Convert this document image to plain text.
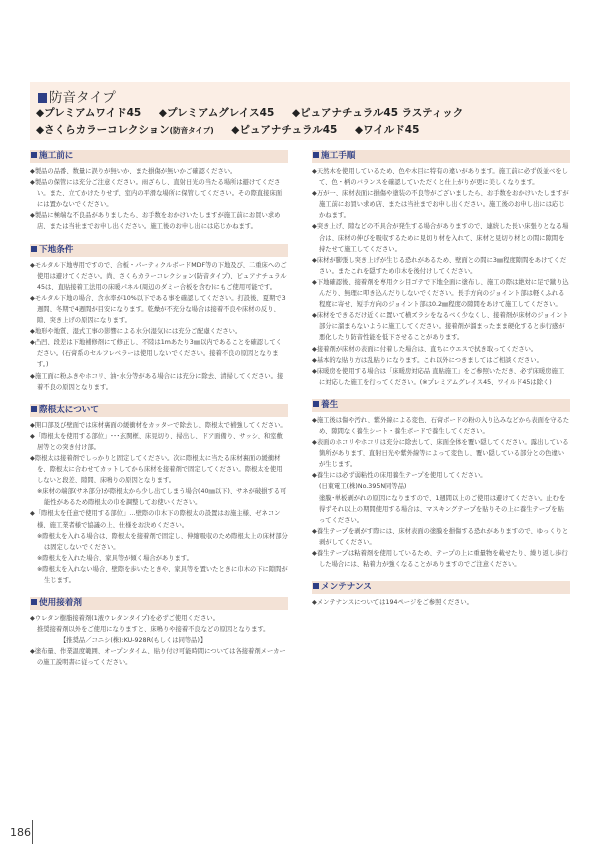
防音タイプ
◆プレミアムワイド45 ◆プレミアムグレイス45 ◆ピュアナチュラル45 ラスティック
◆さくらカラーコレクション(防音タイプ) ◆ピュアナチュラル45 ◆ワイルド45
施工前に

◆製品の品番、数量に誤りが無いか、また損傷が無いかご確認ください。

◆製品の保管には充分ご注意ください。雨ざらし、直射日光の当たる場所は避けてください。また、立てかけたりせず、室内の平滑な場所に保管してください。その際直接床面には置かないでください。

◆製品に極端な不良品がありましたら、お手数をおかけいたしますが施工前にお買い求め店、または当社までお申し出ください。施工後のお申し出には応じかねます。

下地条件

◆モルタル下地専用ですので、合板・パーティクルボードMDF等の下地及び、二重床へのご使用は避けてください。尚、さくらカラーコレクション(防音タイプ)、ピュアナチュラル45は、直貼接着工法用の床暖パネル(周辺のダミー合板を含む)にもご使用可能です。

◆モルタル下地の場合、含水率が10%以下である事を確認してください。打設後、夏期で3週間、冬期で4週間が目安になります。乾燥が不充分な場合は接着不良や床材の反り、隙、突き上げの原因になります。

◆地形や地質、湿式工事の影響による水分(湿気)には充分ご配慮ください。

◆凸凹、段差は下地補修剤にて修正し、不陸は1mあたり3㎜以内であることを確認してください。(石膏系のセルフレベラーは使用しないでください。接着不良の原因となります。)

◆施工面に粉ふきやホコリ、油･水分等がある場合には充分に除去、清掃してください。接着不良の原因となります。

際根太について

◆開口部及び壁面では床材裏面の緩衝材をカッターで除去し、際根太で補強してください。

◆「際根太を使用する部位」･･･玄関框、床見切り、掃出し、ドア面備り、サッシ、和室敷居等との突き付け部。

◆際根太は接着剤でしっかりと固定してください。次に際根太に当たる床材裏面の緩衝材を、際根太に合わせてカットしてから床材を接着剤で固定してください。際根太を使用しないと段差、隙間、床鳴りの原因となります。

※床材の端部(サネ部分)が際根太から少し出てしまう場合(40㎜以下)、サネが破損する可能性があるため際根太の巾を調整してお使いください。

◆「際根太を任意で使用する部位」…壁際の巾木下の際根太の設置はお施主様、ゼネコン様、施工業者様で協議の上、仕様をお決めください。

※際根太を入れる場合は、際根太を接着剤で固定し、伸縮吸収のため際根太上の床材部分は固定しないでください。

※際根太を入れた場合、家具等が傾く場合があります。

※際根太を入れない場合、壁際を歩いたときや、家具等を置いたときに巾木の下に隙間が生じます。

使用接着剤

◆ウレタン樹脂接着剤(1液ウレタンタイプ)を必ずご使用ください。

推奨接着剤以外をご使用になりますと、床鳴りや接着不良などの原因となります。

【推奨品／コニシ(株):KU-928R(もしくは同等品)】

◆塗布量、作業温度範囲、オープンタイム、貼り付け可能時間については各接着剤メーカーの施工説明書に従ってください。

施工手順

◆天然木を使用しているため、色や木目に特有の違いがあります。施工前に必ず仮並べをして、色・柄のバランスを確認していただくと仕上がりが更に美しくなります。

◆万が一、床材表面に損傷や塗装の不良等がございましたら、お手数をおかけいたしますが施工前にお買い求め店、または当社までお申し出ください。施工後のお申し出には応じかねます。

◆突き上げ、隙などの不具合が発生する場合がありますので、連続した長い床張りとなる場合は、床材の伸びを吸収するために見切り材を入れて、床材と見切り材との間に隙間を持たせて施工してください。

◆床材が膨張し突き上げが生じる恐れがあるため、壁面との間に3㎜程度隙間をあけてください。またこれを隠すため巾木を後付けしてください。

◆下地確認後、接着剤を専用クシ目ゴテで下地全面に塗布し、施工の際は絶対に足で蹴り込んだり、無理に叩き込んだりしないでください。長手方向のジョイント部は軽くふれる程度に寄せ、短手方向のジョイント部は0.2㎜程度の隙間をあけて施工してください。

◆床材をできるだけ近くに置いて横ズラシをなるべく少なくし、接着剤が床材のジョイント部分に溜まらないように施工してください。接着剤が溜まったまま硬化すると歩行感が悪化したり防音性能を低下させることがあります。

◆接着剤が床材の表面に付着した場合は、直ちにウエスで拭き取ってください。

◆基本的な貼り方は乱貼りになります。これ以外につきましてはご相談ください。

◆床暖房を使用する場合は「床暖房対応品 直貼施工」をご参照いただき、必ず床暖房施工に対応した施工を行ってください。(※プレミアムグレイス45、ワイルド45は除く)

養生

◆施工後は傷や汚れ、紫外線による変色、石膏ボードの粉の入り込みなどから表面を守るため、隙間なく養生シート・養生ボードで養生してください。

◆表面のホコリやホコリは充分に除去して、床面全体を覆い隠してください。露出している箇所があります、直射日光や紫外線等によって変色し、覆い隠している部分との色違いが生じます。

◆養生には必ず弱粘性の床用養生テープを使用してください。

(日東電工(株)No.395N同等品)

塗膜･単板剥がれの原因になりますので、1週間以上のご使用は避けてください。止むを得ずそれ以上の期間使用する場合は、マスキングテープを貼りその上に養生テープを貼ってください。

◆養生テープを剥がす際には、床材表面の塗膜を損傷する恐れがありますので、ゆっくりと剥がしてください。

◆養生テープは粘着剤を使用しているため、テープの上に重量物を載せたり、繰り返し歩行した場合には、粘着力が強くなることがありますのでご注意ください。

メンテナンス

◆メンテナンスについては194ページをご参照ください。

186
